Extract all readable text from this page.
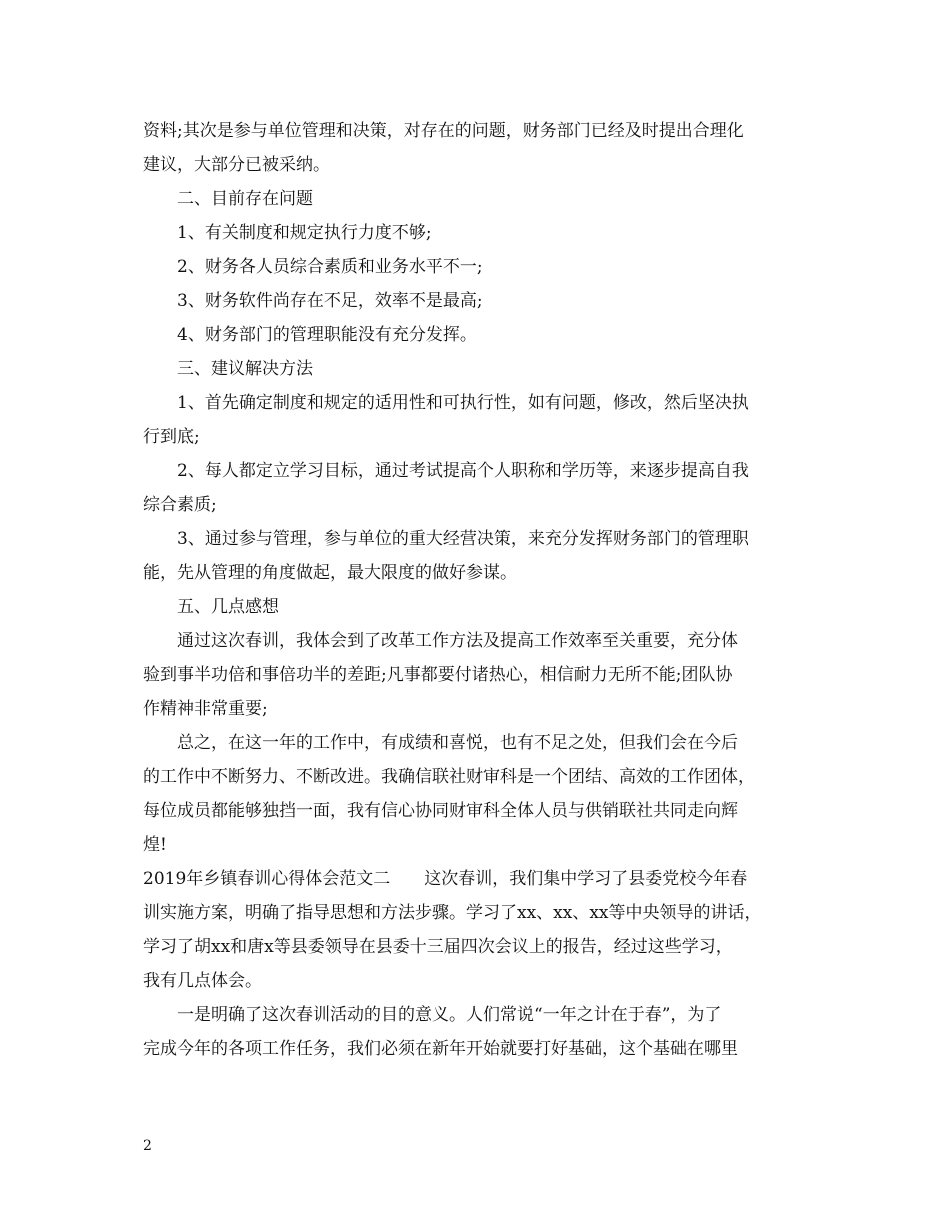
资料;其次是参与单位管理和决策，对存在的问题，财务部门已经及时提出合理化
建议，大部分已被采纳。
二、目前存在问题
1、有关制度和规定执行力度不够;
2、财务各人员综合素质和业务水平不一;
3、财务软件尚存在不足，效率不是最高;
4、财务部门的管理职能没有充分发挥。
三、建议解决方法
1、首先确定制度和规定的适用性和可执行性，如有问题，修改，然后坚决执
行到底;
2、每人都定立学习目标，通过考试提高个人职称和学历等，来逐步提高自我
综合素质;
3、通过参与管理，参与单位的重大经营决策，来充分发挥财务部门的管理职
能，先从管理的角度做起，最大限度的做好参谋。
五、几点感想
通过这次春训，我体会到了改革工作方法及提高工作效率至关重要，充分体
验到事半功倍和事倍功半的差距;凡事都要付诸热心，相信耐力无所不能;团队协
作精神非常重要;
总之，在这一年的工作中，有成绩和喜悦，也有不足之处，但我们会在今后
的工作中不断努力、不断改进。我确信联社财审科是一个团结、高效的工作团体，
每位成员都能够独挡一面，我有信心协同财审科全体人员与供销联社共同走向辉
煌!
2019年乡镇春训心得体会范文二　　这次春训，我们集中学习了县委党校今年春
训实施方案，明确了指导思想和方法步骤。学习了xx、xx、xx等中央领导的讲话，
学习了胡xx和唐x等县委领导在县委十三届四次会议上的报告，经过这些学习，
我有几点体会。
一是明确了这次春训活动的目的意义。人们常说“一年之计在于春”，为了
完成今年的各项工作任务，我们必须在新年开始就要打好基础，这个基础在哪里
2
